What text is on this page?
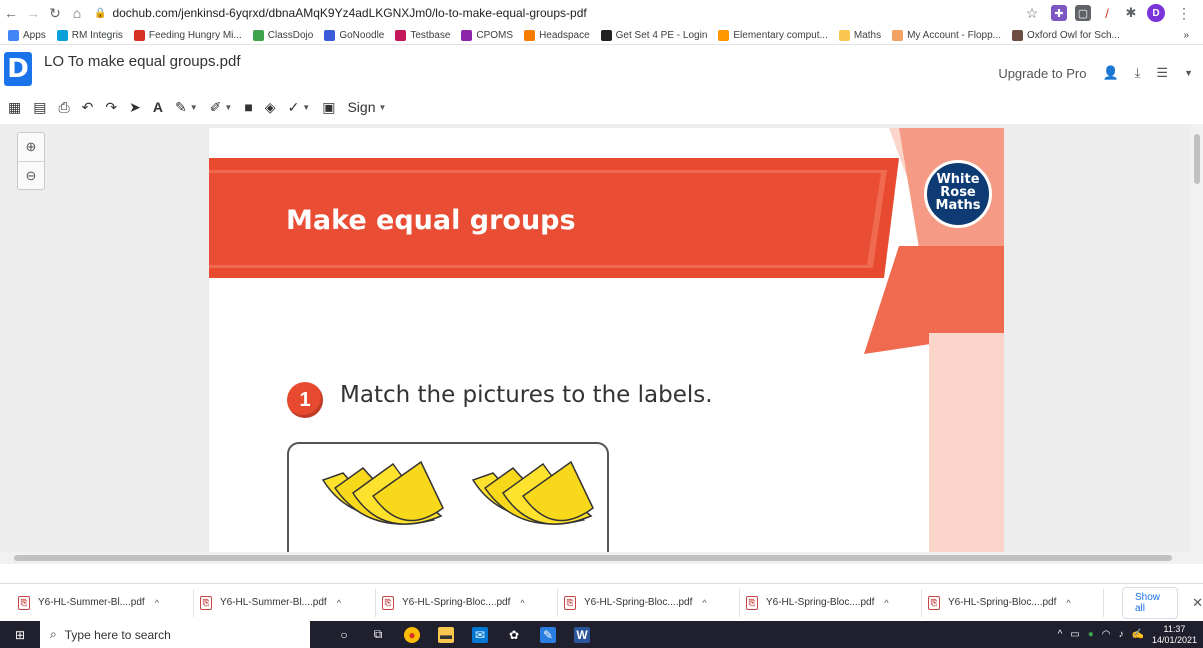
← → ↻ ⌂	🔒 dochub.com/jenkinsd-6yqrxd/dbnaAMqK9Yz4adLKGNXJm0/lo-to-make-equal-groups-pdf	☆	✚	▢	/	✱	D	⋮
Apps	RM Integris	Feeding Hungry Mi...	ClassDojo	GoNoodle	Testbase	CPOMS	Headspace	Get Set 4 PE - Login	Elementary comput...	Maths	My Account - Flopp...	Oxford Owl for Sch...	»
D LO To make equal groups.pdf
Upgrade to Pro 👤 ⤓ ☰ ▼
▦ ▤ ⎙ ↶ ↷ ➤ A ✎ ▼ ✐ ▼ ■ ◈ ✓ ▼ ▣ Sign ▼
⊕
⊖
Make equal groups
White
Rose
Maths
1	Match the pictures to the labels.
⎘ Y6-HL-Summer-Bl....pdf ^	⎘ Y6-HL-Summer-Bl....pdf ^	⎘ Y6-HL-Spring-Bloc....pdf ^	⎘ Y6-HL-Spring-Bloc....pdf ^	⎘ Y6-HL-Spring-Bloc....pdf ^	⎘ Y6-HL-Spring-Bloc....pdf ^	Show all	✕
⊞	⌕ Type here to search	○	⧉	●	▬ ✉ ✿ ✎ W	^ ▭ ● ◠ ♪ ✍
11:37
14/01/2021
